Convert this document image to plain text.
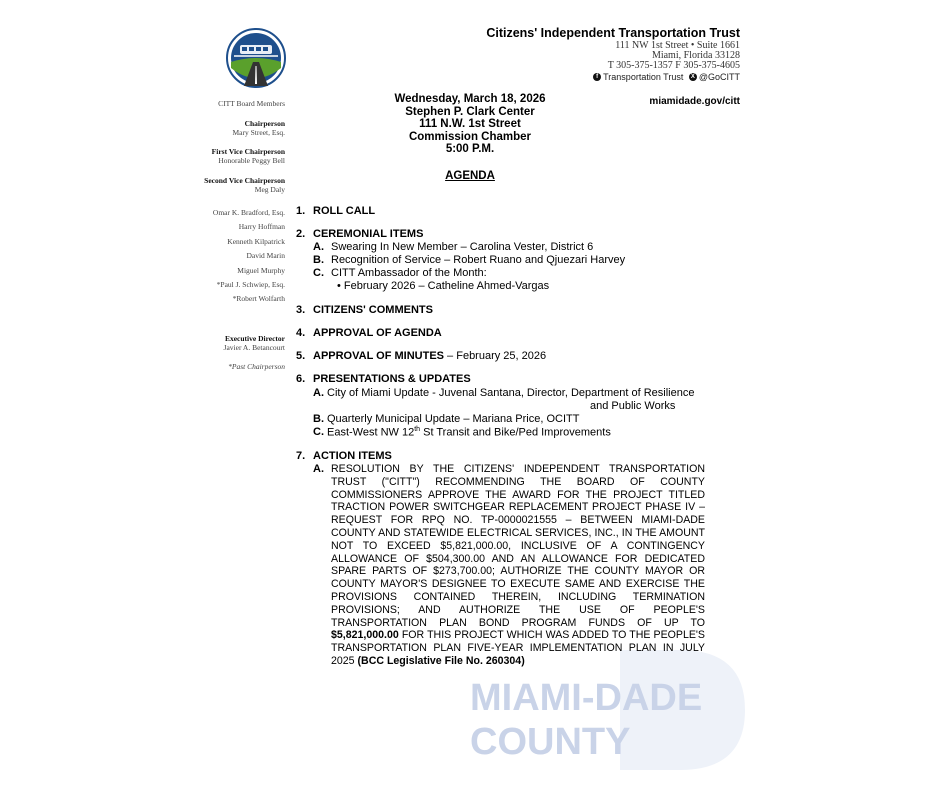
Citizens' Independent Transportation Trust
111 NW 1st Street • Suite 1661
Miami, Florida 33128
T 305-375-1357 F 305-375-4605
f Transportation Trust X @GoCITT
miamidade.gov/citt
CITT Board Members
Chairperson
Mary Street, Esq.
First Vice Chairperson
Honorable Peggy Bell
Second Vice Chairperson
Meg Daly
Omar K. Bradford, Esq.
Harry Hoffman
Kenneth Kilpatrick
David Marin
Miguel Murphy
*Paul J. Schwiep, Esq.
*Robert Wolfarth
Executive Director
Javier A. Betancourt
*Past Chairperson
Wednesday, March 18, 2026
Stephen P. Clark Center
111 N.W. 1st Street
Commission Chamber
5:00 P.M.
AGENDA
MIAMI-DADE
COUNTY
1. ROLL CALL
2. CEREMONIAL ITEMS
A. Swearing In New Member – Carolina Vester, District 6
B. Recognition of Service – Robert Ruano and Qjuezari Harvey
C. CITT Ambassador of the Month:
• February 2026 – Catheline Ahmed-Vargas
3. CITIZENS' COMMENTS
4. APPROVAL OF AGENDA
5. APPROVAL OF MINUTES – February 25, 2026
6. PRESENTATIONS & UPDATES
A. City of Miami Update - Juvenal Santana, Director, Department of Resilience
and Public Works
B. Quarterly Municipal Update – Mariana Price, OCITT
C. East-West NW 12th St Transit and Bike/Ped Improvements
7. ACTION ITEMS
A. RESOLUTION BY THE CITIZENS' INDEPENDENT TRANSPORTATION TRUST ("CITT") RECOMMENDING THE BOARD OF COUNTY COMMISSIONERS APPROVE THE AWARD FOR THE PROJECT TITLED TRACTION POWER SWITCHGEAR REPLACEMENT PROJECT PHASE IV – REQUEST FOR RPQ NO. TP-0000021555 – BETWEEN MIAMI-DADE COUNTY AND STATEWIDE ELECTRICAL SERVICES, INC., IN THE AMOUNT NOT TO EXCEED $5,821,000.00, INCLUSIVE OF A CONTINGENCY ALLOWANCE OF $504,300.00 AND AN ALLOWANCE FOR DEDICATED SPARE PARTS OF $273,700.00; AUTHORIZE THE COUNTY MAYOR OR COUNTY MAYOR'S DESIGNEE TO EXECUTE SAME AND EXERCISE THE PROVISIONS CONTAINED THEREIN, INCLUDING TERMINATION PROVISIONS; AND AUTHORIZE THE USE OF PEOPLE'S TRANSPORTATION PLAN BOND PROGRAM FUNDS OF UP TO $5,821,000.00 FOR THIS PROJECT WHICH WAS ADDED TO THE PEOPLE'S TRANSPORTATION PLAN FIVE-YEAR IMPLEMENTATION PLAN IN JULY 2025 (BCC Legislative File No. 260304)
